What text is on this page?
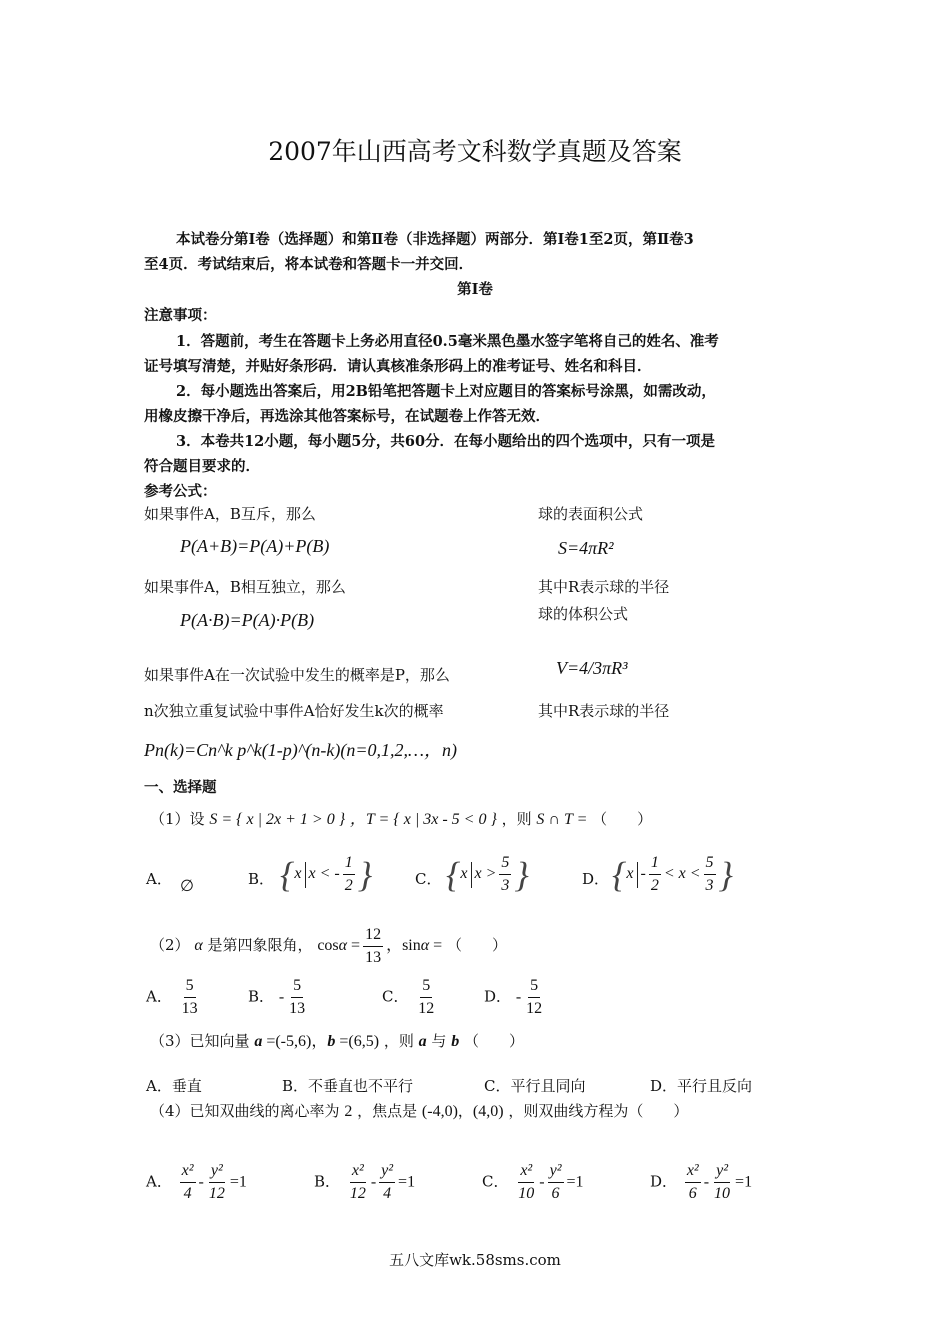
2007年山西高考文科数学真题及答案
本试卷分第Ⅰ卷（选择题）和第Ⅱ卷（非选择题）两部分．第Ⅰ卷1至2页，第Ⅱ卷3
至4页．考试结束后，将本试卷和答题卡一并交回．
第Ⅰ卷
注意事项：
1．答题前，考生在答题卡上务必用直径0.5毫米黑色墨水签字笔将自己的姓名、准考
证号填写清楚，并贴好条形码．请认真核准条形码上的准考证号、姓名和科目．
2．每小题选出答案后，用2B铅笔把答题卡上对应题目的答案标号涂黑，如需改动，
用橡皮擦干净后，再选涂其他答案标号，在试题卷上作答无效．
3．本卷共12小题，每小题5分，共60分．在每小题给出的四个选项中，只有一项是
符合题目要求的．
参考公式：
如果事件A，B互斥，那么
P(A+B)=P(A)+P(B)
如果事件A，B相互独立，那么
P(A·B)=P(A)·P(B)
如果事件A在一次试验中发生的概率是P，那么
n次独立重复试验中事件A恰好发生k次的概率
Pn(k)=Cn^k p^k(1-p)^(n-k)(n=0,1,2,…，n)
球的表面积公式
S=4πR²
其中R表示球的半径
球的体积公式
V=4/3πR³
其中R表示球的半径
一、选择题
（1）设 S = { x | 2x + 1 > 0 } ，T = { x | 3x - 5 < 0 } ，则 S ∩ T = （　　）
A． ∅	B． {x x < - $\frac{1}{2}$ }	C． {x $x > \frac{5}{3}$ }	D． {$x - \frac{1}{2} < x < \frac{5}{3}$ }
（2） α 是第四象限角， $\cos\alpha = \frac{12}{13}$ ，sinα = （　　）
A． $\frac{5}{13}$	B． - $\frac{5}{13}$	C． $\frac{5}{12}$	D． - $\frac{5}{12}$
（3）已知向量 a =(-5,6)，b =(6,5) ，则 a 与 b （　　）
A．垂直	B．不垂直也不平行	C．平行且同向	D．平行且反向
（4）已知双曲线的离心率为 2 ，焦点是 (-4,0)，(4,0) ，则双曲线方程为（　　）
A． $\frac{\text{x²}}{4} - \frac{\text{y²}}{12} =1$	B． $\frac{\text{x²}}{12} - \frac{\text{y²}}{4} =1$	C． $\frac{\text{x²}}{10} - \frac{\text{y²}}{6} =1$	D． $\frac{\text{x²}}{6} - \frac{\text{y²}}{10} =1$
五八文库wk.58sms.com
